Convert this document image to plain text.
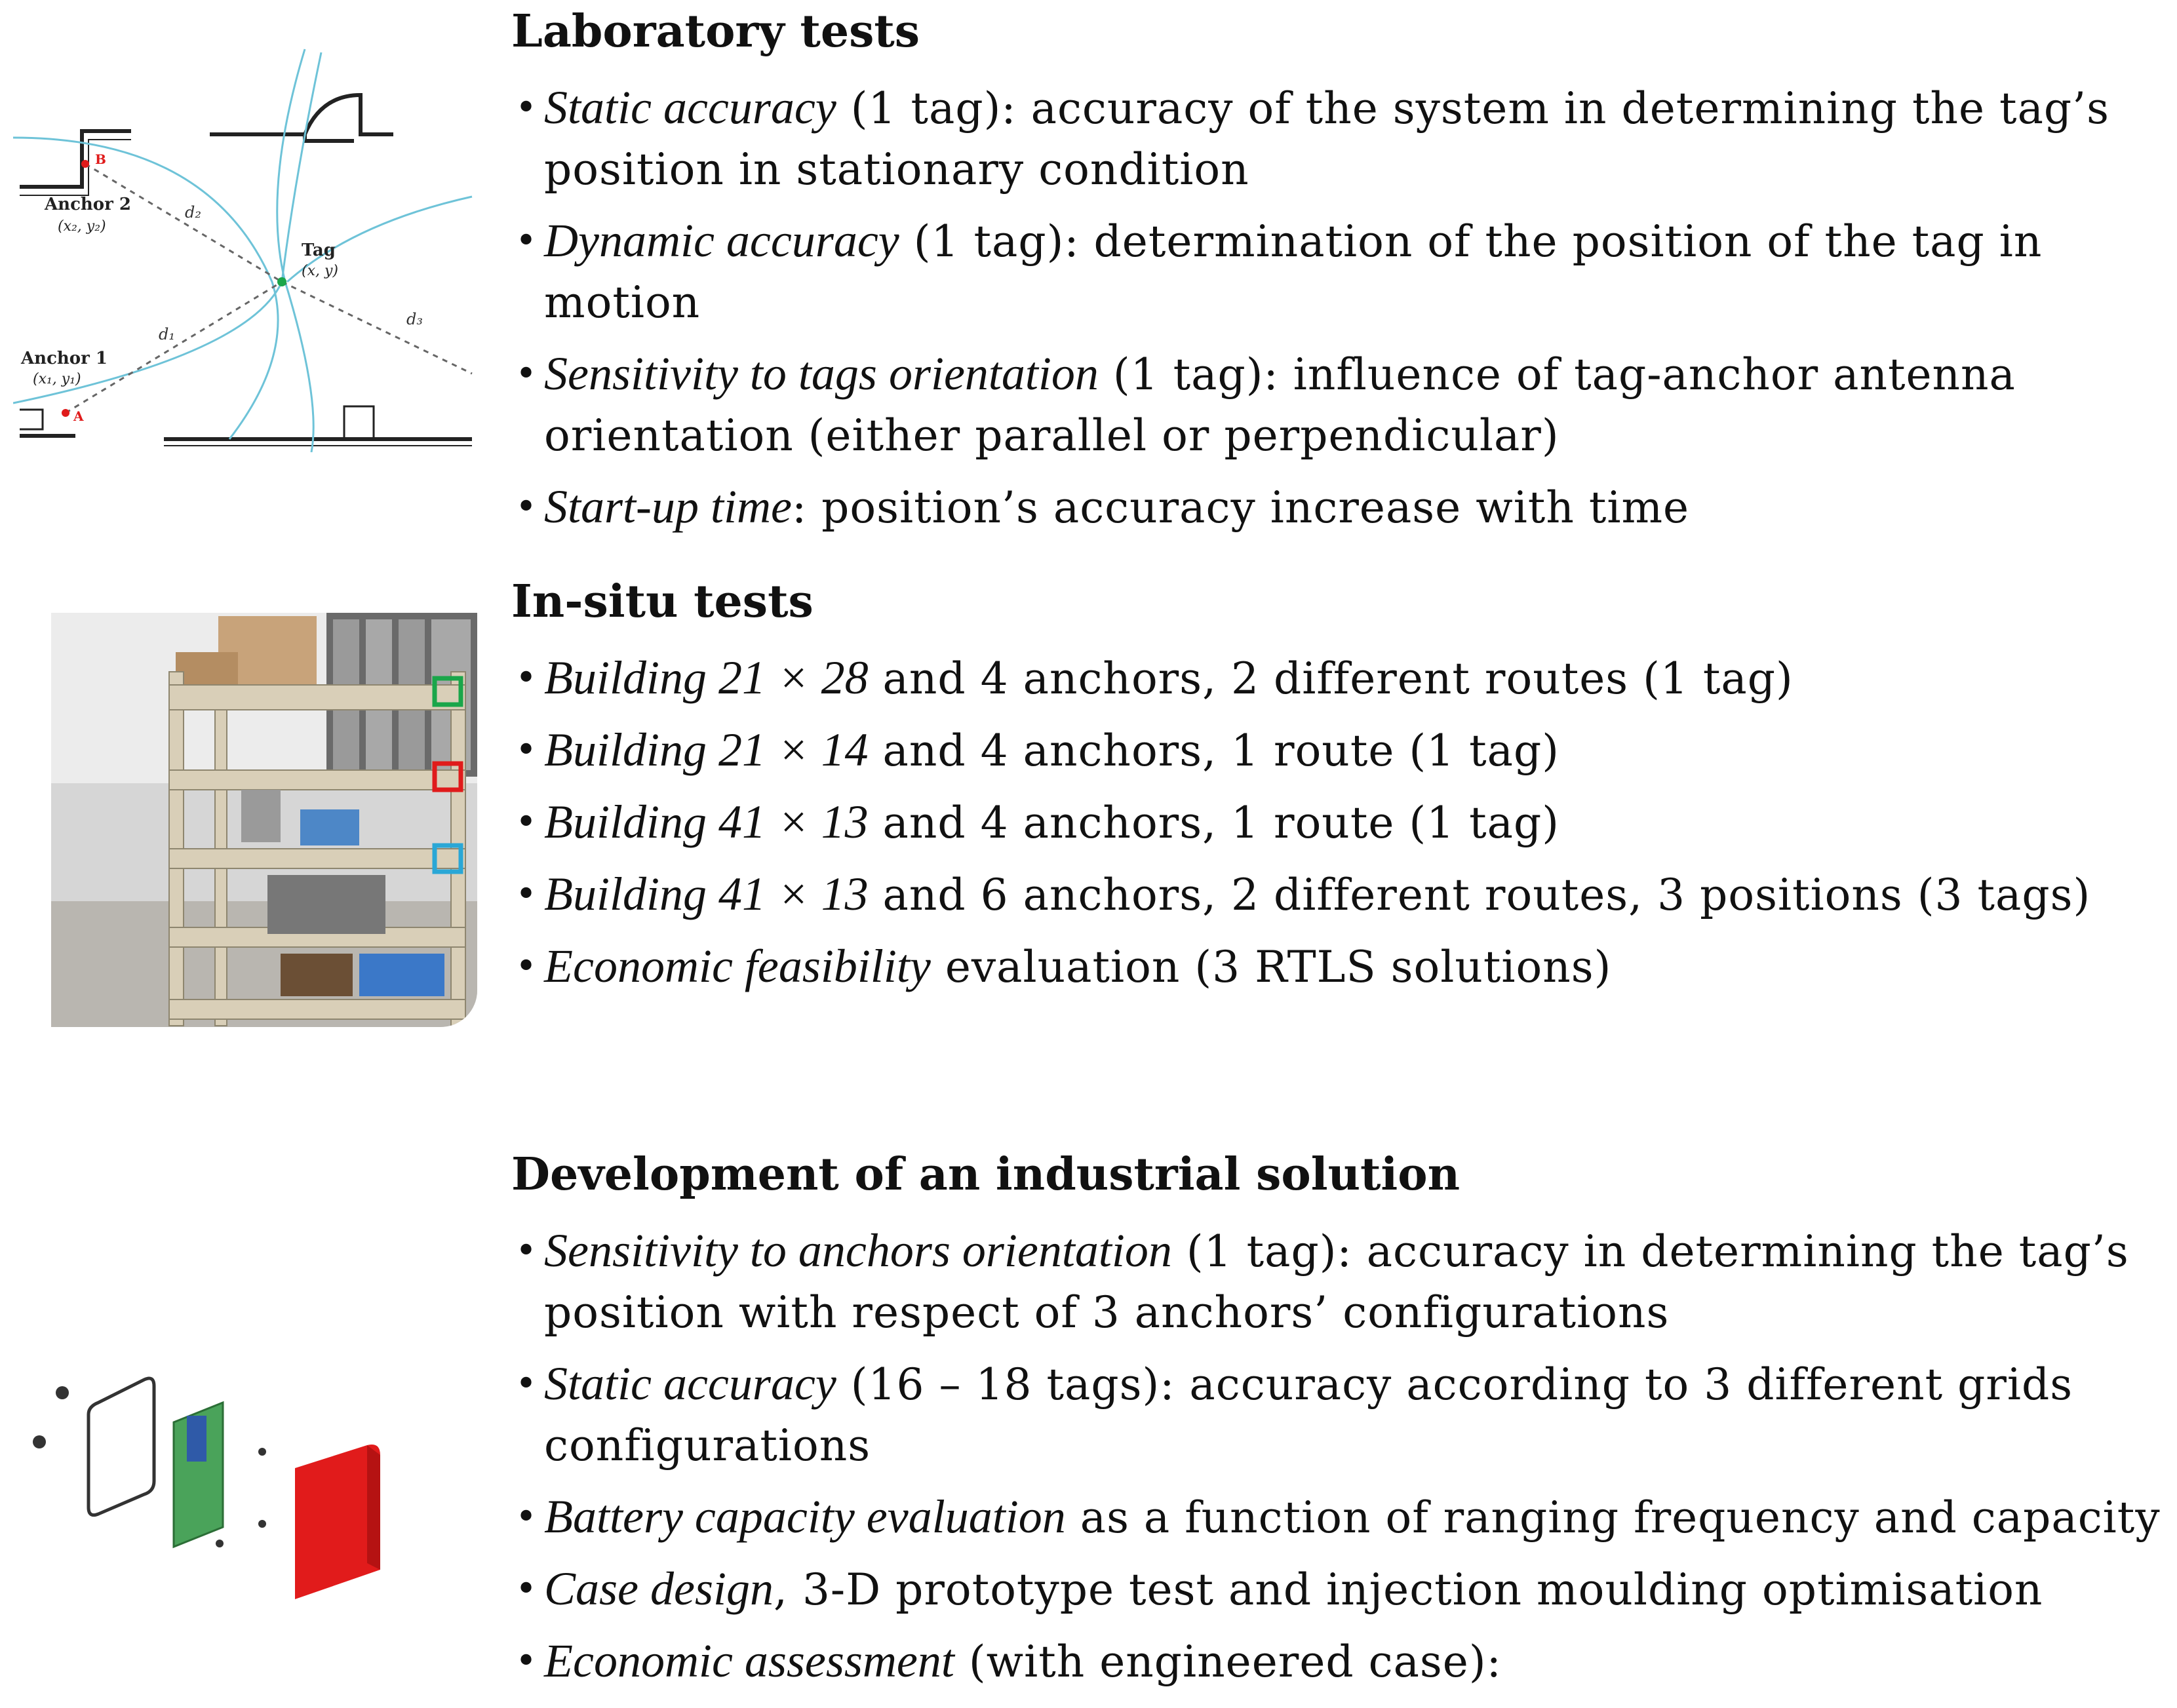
Laboratory tests
• Static accuracy (1 tag): accuracy of the system in determining the tag’s position in stationary condition
• Dynamic accuracy (1 tag): determination of the position of the tag in motion
• Sensitivity to tags orientation (1 tag): influence of tag-anchor antenna orientation (either parallel or perpendicular)
• Start-up time: position’s accuracy increase with time
In-situ tests
• Building 21 × 28 and 4 anchors, 2 different routes (1 tag)
• Building 21 × 14 and 4 anchors, 1 route (1 tag)
• Building 41 × 13 and 4 anchors, 1 route (1 tag)
• Building 41 × 13 and 6 anchors, 2 different routes, 3 positions (3 tags)
• Economic feasibility evaluation (3 RTLS solutions)
Development of an industrial solution
• Sensitivity to anchors orientation (1 tag): accuracy in determining the tag’s position with respect of 3 anchors’ configurations
• Static accuracy (16 – 18 tags): accuracy according to 3 different grids configurations
• Battery capacity evaluation as a function of ranging frequency and capacity
• Case design, 3-D prototype test and injection moulding optimisation
• Economic assessment (with engineered case):
Anchor 2
(x₂, y₂)
Tag
(x, y)
Anchor 1
(x₁, y₁)
d₂
d₁
d₃
B
A
